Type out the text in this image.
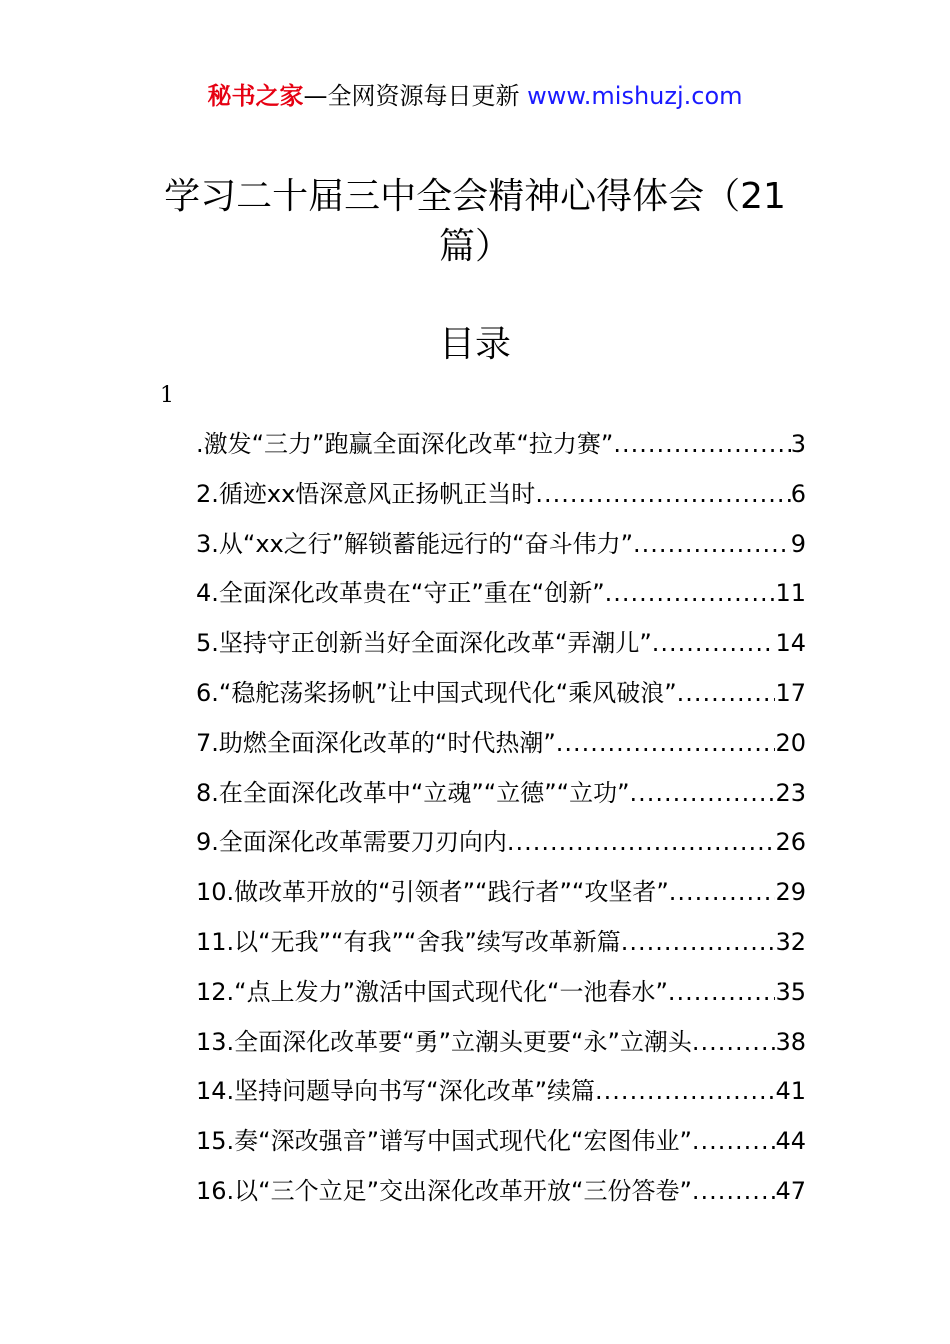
秘书之家—全网资源每日更新 www.mishuzj.com
学习二十届三中全会精神心得体会（21篇）
目录
1
.激发“三力”跑赢全面深化改革“拉力赛” .....	3
2.循迹xx悟深意风正扬帆正当时 .....	6
3.从“xx之行”解锁蓄能远行的“奋斗伟力” .....	9
4.全面深化改革贵在“守正”重在“创新” .....	11
5.坚持守正创新当好全面深化改革“弄潮儿” .....	14
6.“稳舵荡桨扬帆”让中国式现代化“乘风破浪” .....	17
7.助燃全面深化改革的“时代热潮” .....	20
8.在全面深化改革中“立魂”“立德”“立功” .....	23
9.全面深化改革需要刀刃向内 .....	26
10.做改革开放的“引领者”“践行者”“攻坚者” .....	29
11.以“无我”“有我”“舍我”续写改革新篇 .....	32
12.“点上发力”激活中国式现代化“一池春水” .....	35
13.全面深化改革要“勇”立潮头更要“永”立潮头 .....	38
14.坚持问题导向书写“深化改革”续篇 .....	41
15.奏“深改强音”谱写中国式现代化“宏图伟业” .....	44
16.以“三个立足”交出深化改革开放“三份答卷” .....	47
